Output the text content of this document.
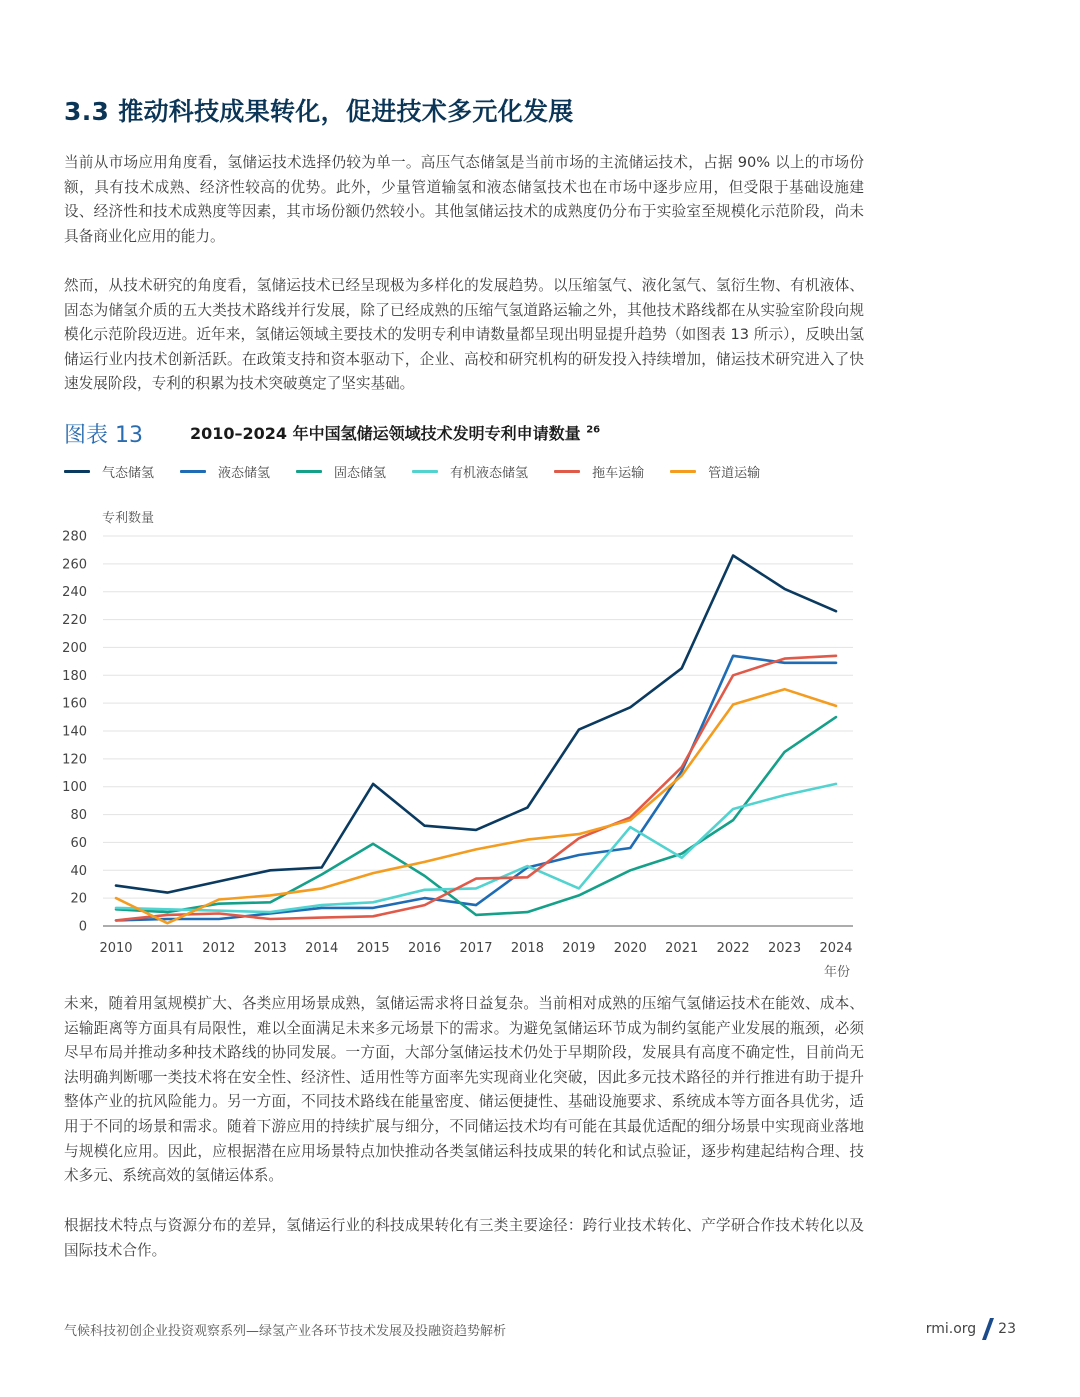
3.3 推动科技成果转化，促进技术多元化发展

当前从市场应用角度看，氢储运技术选择仍较为单一。高压气态储氢是当前市场的主流储运技术，占据 90% 以上的市场份额，具有技术成熟、经济性较高的优势。此外，少量管道输氢和液态储氢技术也在市场中逐步应用，但受限于基础设施建设、经济性和技术成熟度等因素，其市场份额仍然较小。其他氢储运技术的成熟度仍分布于实验室至规模化示范阶段，尚未具备商业化应用的能力。

然而，从技术研究的角度看，氢储运技术已经呈现极为多样化的发展趋势。以压缩氢气、液化氢气、氢衍生物、有机液体、固态为储氢介质的五大类技术路线并行发展，除了已经成熟的压缩气氢道路运输之外，其他技术路线都在从实验室阶段向规模化示范阶段迈进。近年来，氢储运领域主要技术的发明专利申请数量都呈现出明显提升趋势（如图表 13 所示），反映出氢储运行业内技术创新活跃。在政策支持和资本驱动下，企业、高校和研究机构的研发投入持续增加，储运技术研究进入了快速发展阶段，专利的积累为技术突破奠定了坚实基础。

图表 13	2010–2024 年中国氢储运领域技术发明专利申请数量 $^{26}$
气态储氢	液态储氢	固态储氢	有机液态储氢	拖车运输	管道运输
0
20
40
60
80
100
120
140
160
180
200
220
240
260
280
2010 2011 2012 2013 2014 2015 2016 2017 2018 2019 2020 2021 2022 2023 2024
专利数量
年份

未来，随着用氢规模扩大、各类应用场景成熟，氢储运需求将日益复杂。当前相对成熟的压缩气氢储运技术在能效、成本、运输距离等方面具有局限性，难以全面满足未来多元场景下的需求。为避免氢储运环节成为制约氢能产业发展的瓶颈，必须尽早布局并推动多种技术路线的协同发展。一方面，大部分氢储运技术仍处于早期阶段，发展具有高度不确定性，目前尚无法明确判断哪一类技术将在安全性、经济性、适用性等方面率先实现商业化突破，因此多元技术路径的并行推进有助于提升整体产业的抗风险能力。另一方面，不同技术路线在能量密度、储运便捷性、基础设施要求、系统成本等方面各具优劣，适用于不同的场景和需求。随着下游应用的持续扩展与细分，不同储运技术均有可能在其最优适配的细分场景中实现商业落地与规模化应用。因此，应根据潜在应用场景特点加快推动各类氢储运科技成果的转化和试点验证，逐步构建起结构合理、技术多元、系统高效的氢储运体系。

根据技术特点与资源分布的差异，氢储运行业的科技成果转化有三类主要途径：跨行业技术转化、产学研合作技术转化以及国际技术合作。

气候科技初创企业投资观察系列—绿氢产业各环节技术发展及投融资趋势解析	rmi.org 23
